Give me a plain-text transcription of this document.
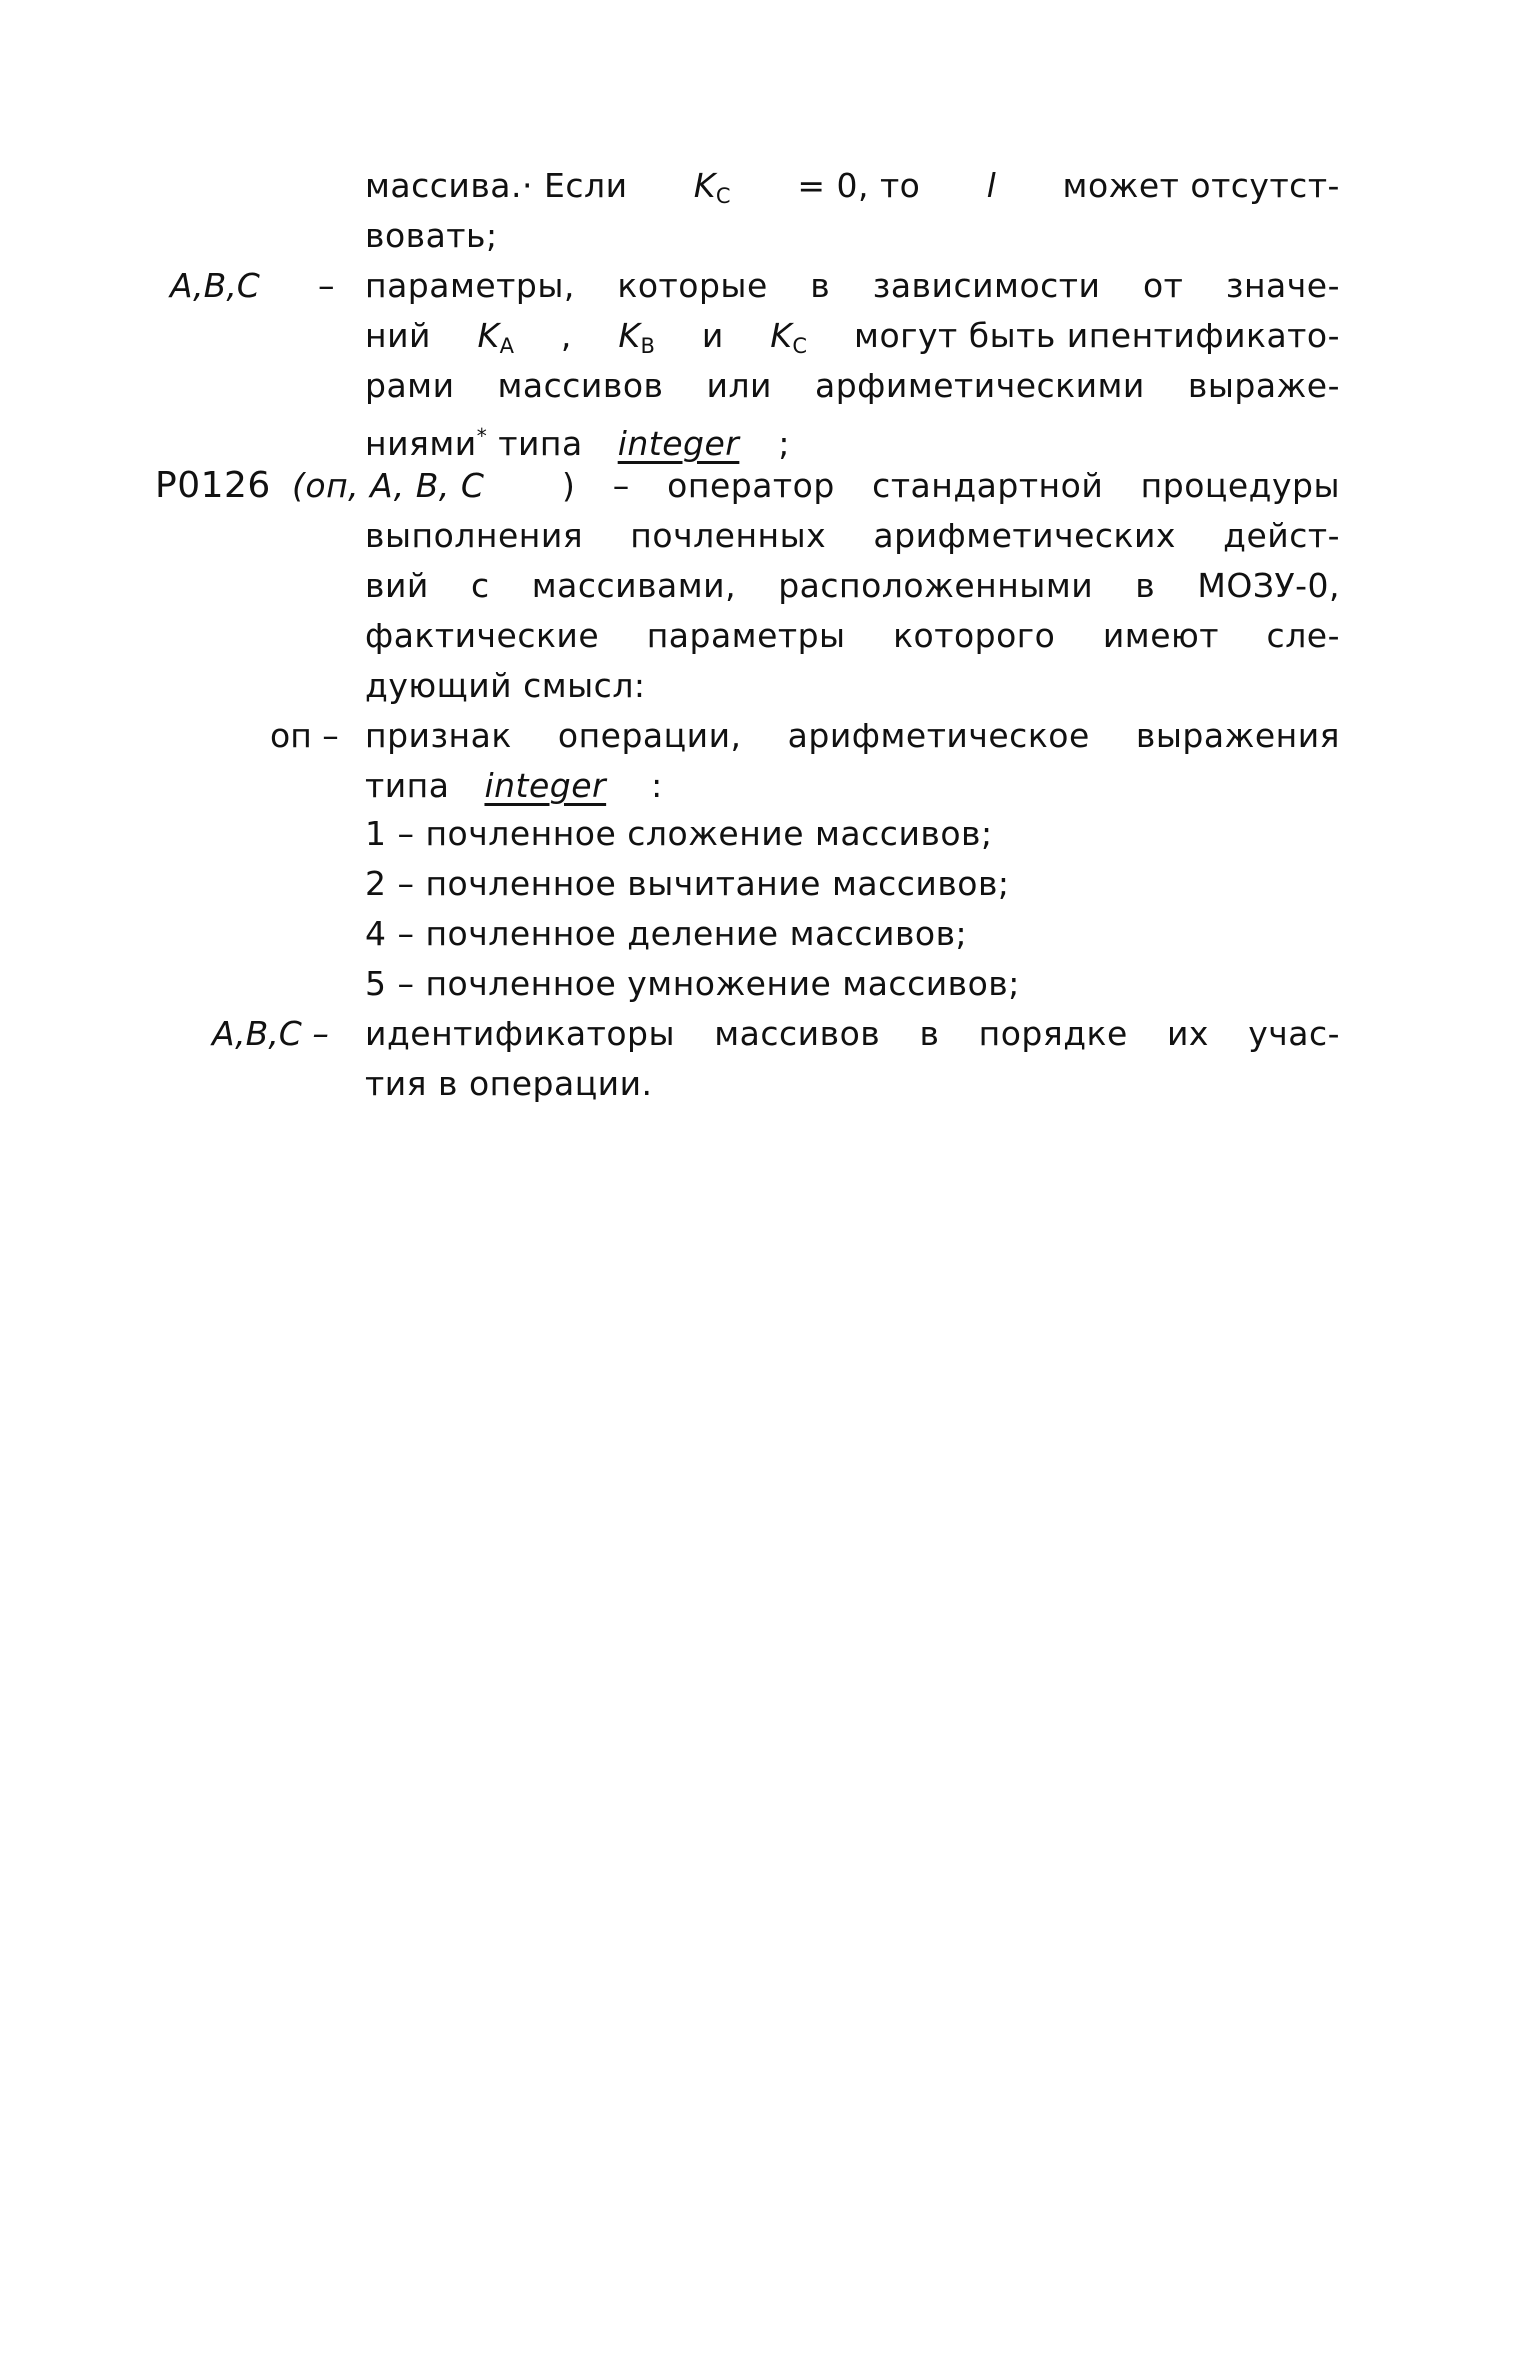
массива.· Если $K_C = 0$, то l может отсутст-
вовать;
A,B,C – параметры, которые в зависимости от значе-
ний $K_A$ , $K_B$ и $K_C$ могут быть ипентификато-
рами массивов или арфиметическими выраже-
ниями* типа integer ;
P0126 (оп, A, B, C ) – оператор стандартной процедуры
выполнения почленных арифметических дейст-
вий с массивами, расположенными в МОЗУ-0,
фактические параметры которого имеют сле-
дующий смысл:
оп – признак операции, арифметическое выражения
типа integer :
1 – почленное сложение массивов;
2 – почленное вычитание массивов;
4 – почленное деление массивов;
5 – почленное умножение массивов;
A,B,C – идентификаторы массивов в порядке их учас-
тия в операции.
